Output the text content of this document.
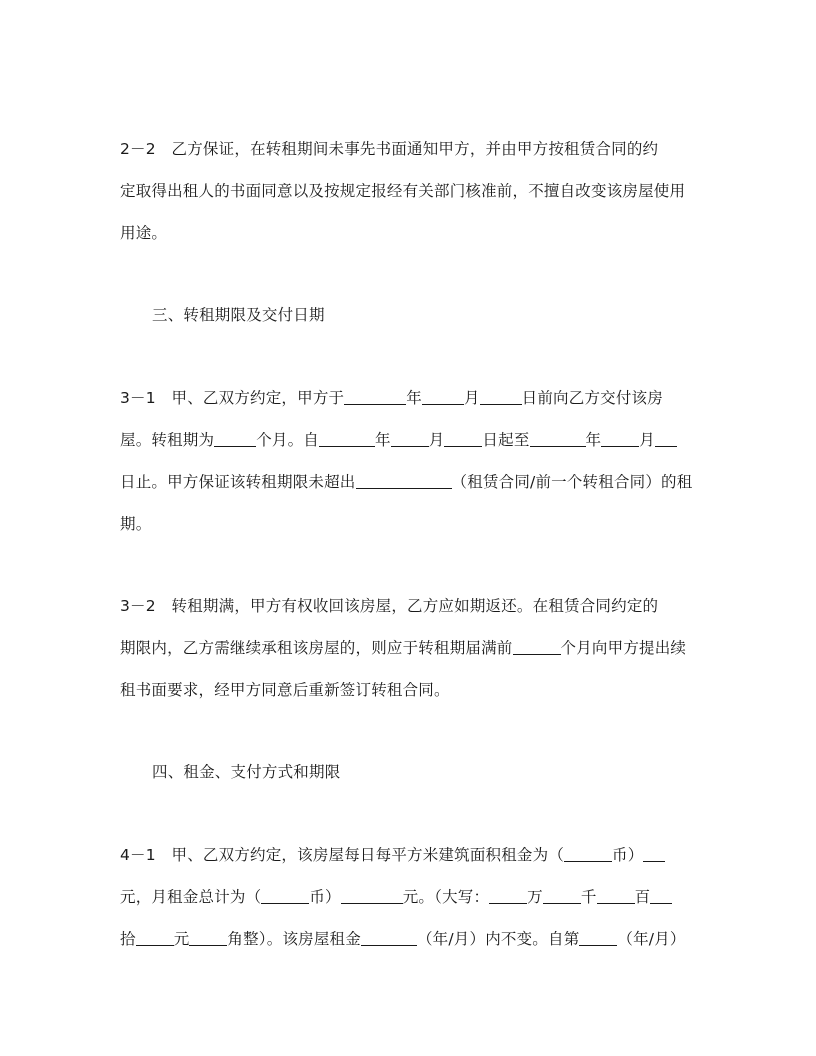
2－2　乙方保证，在转租期间未事先书面通知甲方，并由甲方按租赁合同的约
定取得出租人的书面同意以及按规定报经有关部门核准前，不擅自改变该房屋使用
用途。
三、转租期限及交付日期
3－1　甲、乙双方约定，甲方于	年	月	日前向乙方交付该房
屋。转租期为	个月。自	年 月 日起至	年 月
日止。甲方保证该转租期限未超出	（租赁合同/前一个转租合同）的租
期。
3－2　转租期满，甲方有权收回该房屋，乙方应如期返还。在租赁合同约定的
期限内，乙方需继续承租该房屋的，则应于转租期届满前	个月向甲方提出续
租书面要求，经甲方同意后重新签订转租合同。
四、租金、支付方式和期限
4－1　甲、乙双方约定，该房屋每日每平方米建筑面积租金为（	币）
元，月租金总计为（	币）	元。（大写： 万 千 百
拾 元 角整）。该房屋租金	（年/月）内不变。自第 （年/月）
